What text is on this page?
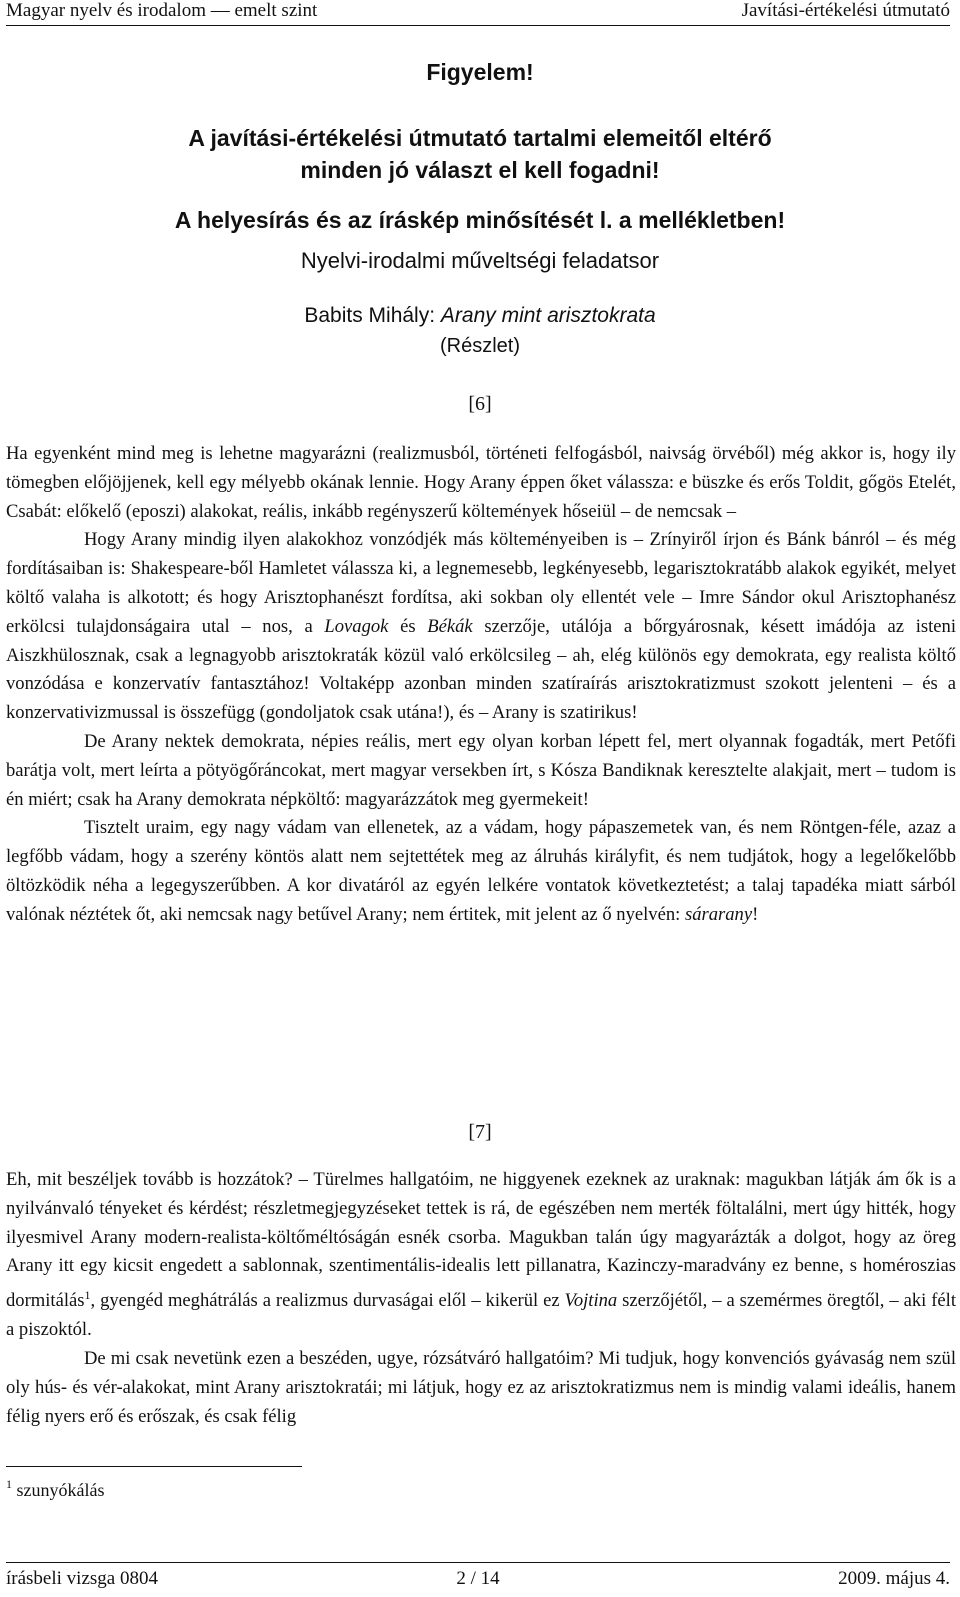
Magyar nyelv és irodalom — emelt szint	Javítási-értékelési útmutató
Figyelem!
A javítási-értékelési útmutató tartalmi elemeitől eltérő
minden jó választ el kell fogadni!
A helyesírás és az íráskép minősítését l. a mellékletben!
Nyelvi-irodalmi műveltségi feladatsor
Babits Mihály: Arany mint arisztokrata
(Részlet)
[6]

Ha egyenként mind meg is lehetne magyarázni (realizmusból, történeti felfogásból, naivság örvéből) még akkor is, hogy ily tömegben előjöjjenek, kell egy mélyebb okának lennie. Hogy Arany éppen őket válassza: e büszke és erős Toldit, gőgös Etelét, Csabát: előkelő (eposzi) alakokat, reális, inkább regényszerű költemények hőseiül – de nemcsak –

Hogy Arany mindig ilyen alakokhoz vonzódjék más költeményeiben is – Zrínyiről írjon és Bánk bánról – és még fordításaiban is: Shakespeare-ből Hamletet válassza ki, a legnemesebb, legkényesebb, legarisztokratább alakok egyikét, melyet költő valaha is alkotott; és hogy Arisztophanészt fordítsa, aki sokban oly ellentét vele – Imre Sándor okul Arisztophanész erkölcsi tulajdonságaira utal – nos, a Lovagok és Békák szerzője, utálója a bőrgyárosnak, késett imádója az isteni Aiszkhülosznak, csak a legnagyobb arisztokraták közül való erkölcsileg – ah, elég különös egy demokrata, egy realista költő vonzódása e konzervatív fantasztához! Voltaképp azonban minden szatíraírás arisztokratizmust szokott jelenteni – és a konzervativizmussal is összefügg (gondoljatok csak utána!), és – Arany is szatirikus!

De Arany nektek demokrata, népies reális, mert egy olyan korban lépett fel, mert olyannak fogadták, mert Petőfi barátja volt, mert leírta a pötyögőráncokat, mert magyar versekben írt, s Kósza Bandiknak keresztelte alakjait, mert – tudom is én miért; csak ha Arany demokrata népköltő: magyarázzátok meg gyermekeit!

Tisztelt uraim, egy nagy vádam van ellenetek, az a vádam, hogy pápaszemetek van, és nem Röntgen-féle, azaz a legfőbb vádam, hogy a szerény köntös alatt nem sejtettétek meg az álruhás királyfit, és nem tudjátok, hogy a legelőkelőbb öltözködik néha a legegyszerűbben. A kor divatáról az egyén lelkére vontatok következtetést; a talaj tapadéka miatt sárból valónak néztétek őt, aki nemcsak nagy betűvel Arany; nem értitek, mit jelent az ő nyelvén: sárarany!

[7]

Eh, mit beszéljek tovább is hozzátok? – Türelmes hallgatóim, ne higgyenek ezeknek az uraknak: magukban látják ám ők is a nyilvánvaló tényeket és kérdést; részletmegjegyzéseket tettek is rá, de egészében nem merték föltalálni, mert úgy hitték, hogy ilyesmivel Arany modern-realista-költőméltóságán esnék csorba. Magukban talán úgy magyarázták a dolgot, hogy az öreg Arany itt egy kicsit engedett a sablonnak, szentimentális-idealis lett pillanatra, Kazinczy-maradvány ez benne, s homéroszias dormitálás$^1$, gyengéd meghátrálás a realizmus durvaságai elől – kikerül ez Vojtina szerzőjétől, – a szemérmes öregtől, – aki félt a piszoktól.

De mi csak nevetünk ezen a beszéden, ugye, rózsátváró hallgatóim? Mi tudjuk, hogy konvenciós gyávaság nem szül oly hús- és vér-alakokat, mint Arany arisztokratái; mi látjuk, hogy ez az arisztokratizmus nem is mindig valami ideális, hanem félig nyers erő és erőszak, és csak félig

$^1$ szunyókálás
írásbeli vizsga 0804	2 / 14	2009. május 4.
